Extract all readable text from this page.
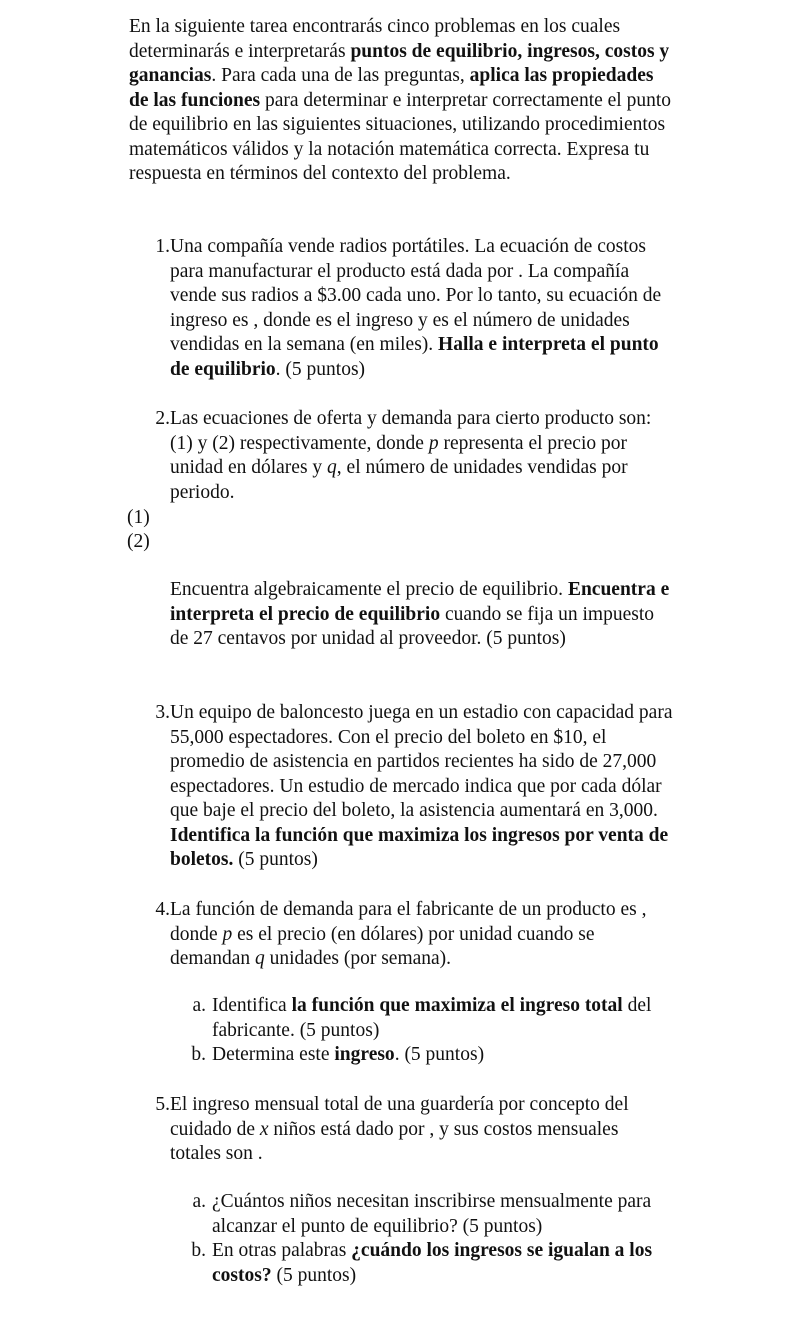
En la siguiente tarea encontrarás cinco problemas en los cuales determinarás e interpretarás puntos de equilibrio, ingresos, costos y ganancias. Para cada una de las preguntas, aplica las propiedades de las funciones para determinar e interpretar correctamente el punto de equilibrio en las siguientes situaciones, utilizando procedimientos matemáticos válidos y la notación matemática correcta. Expresa tu respuesta en términos del contexto del problema.

1. Una compañía vende radios portátiles. La ecuación de costos para manufacturar el producto está dada por . La compañía vende sus radios a $3.00 cada uno. Por lo tanto, su ecuación de ingreso es , donde es el ingreso y es el número de unidades vendidas en la semana (en miles). Halla e interpreta el punto de equilibrio. (5 puntos)
2. Las ecuaciones de oferta y demanda para cierto producto son: (1) y (2) respectivamente, donde p representa el precio por unidad en dólares y q, el número de unidades vendidas por periodo.
(1)
(2)

Encuentra algebraicamente el precio de equilibrio. Encuentra e interpreta el precio de equilibrio cuando se fija un impuesto de 27 centavos por unidad al proveedor. (5 puntos)

3. Un equipo de baloncesto juega en un estadio con capacidad para 55,000 espectadores. Con el precio del boleto en $10, el promedio de asistencia en partidos recientes ha sido de 27,000 espectadores. Un estudio de mercado indica que por cada dólar que baje el precio del boleto, la asistencia aumentará en 3,000. Identifica la función que maximiza los ingresos por venta de boletos. (5 puntos)
4. La función de demanda para el fabricante de un producto es , donde p es el precio (en dólares) por unidad cuando se demandan q unidades (por semana).
a. Identifica la función que maximiza el ingreso total del fabricante. (5 puntos)
b. Determina este ingreso. (5 puntos)
5. El ingreso mensual total de una guardería por concepto del cuidado de x niños está dado por , y sus costos mensuales totales son .
a. ¿Cuántos niños necesitan inscribirse mensualmente para alcanzar el punto de equilibrio? (5 puntos)
b. En otras palabras ¿cuándo los ingresos se igualan a los costos? (5 puntos)
